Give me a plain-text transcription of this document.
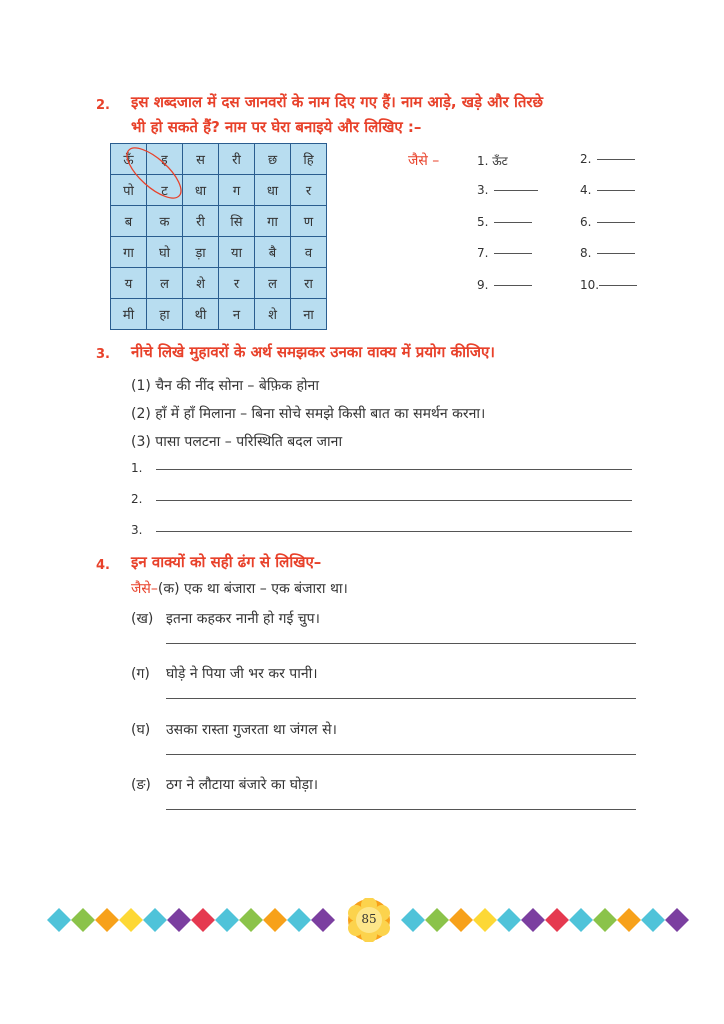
2. इस शब्दजाल में दस जानवरों के नाम दिए गए हैं। नाम आड़े, खड़े और तिरछे
भी हो सकते हैं? नाम पर घेरा बनाइये और लिखिए :–
ऊँ	इ	स	री	छ	हि
पो	ट	धा	ग	धा	र
ब	क	री	सि	गा	ण
गा	घो	ड़ा	या	बै	व
य	ल	शे	र	ल	रा
मी	हा	थी	न	शे	ना
जैसे –	1. ऊँट	2.
3.	4.
5.	6.
7.	8.
9.	10.
3. नीचे लिखे मुहावरों के अर्थ समझकर उनका वाक्य में प्रयोग कीजिए।
(1) चैन की नींद सोना – बेफ़िक होना
(2) हाँ में हाँ मिलाना – बिना सोचे समझे किसी बात का समर्थन करना।
(3) पासा पलटना – परिस्थिति बदल जाना
1.
2.
3.
4. इन वाक्यों को सही ढंग से लिखिए–
जैसे–(क) एक था बंजारा – एक बंजारा था।
(ख) इतना कहकर नानी हो गई चुप।
(ग) घोड़े ने पिया जी भर कर पानी।
(घ) उसका रास्ता गुजरता था जंगल से।
(ङ) ठग ने लौटाया बंजारे का घोड़ा।
85
